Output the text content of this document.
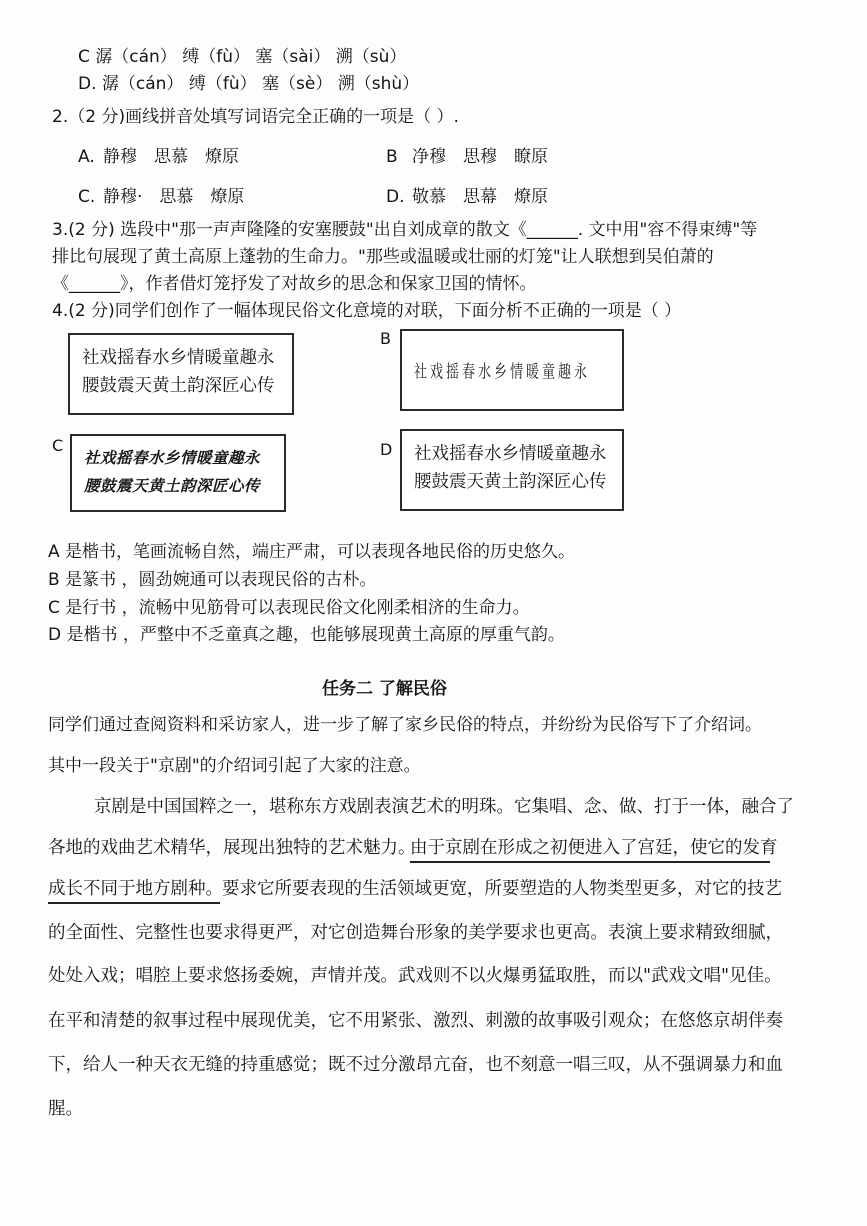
C 潺（cán） 缚（fù） 塞（sài） 溯（sù）
D. 潺（cán） 缚（fù） 塞（sè） 溯（shù）
2.（2 分)画线拼音处填写词语完全正确的一项是（ ）.
A. 静穆　思慕　燎原	B 净穆　思穆　瞭原
C. 静穆·　思慕　燎原	D. 敬慕　思幕　燎原
3.(2 分) 选段中"那一声声隆隆的安塞腰鼓"出自刘成章的散文《______. 文中用"容不得束缚"等
排比句展现了黄土高原上蓬勃的生命力。"那些或温暖或壮丽的灯笼"让人联想到吴伯萧的
《______》，作者借灯笼抒发了对故乡的思念和保家卫国的情怀。
4.(2 分)同学们创作了一幅体现民俗文化意境的对联，下面分析不正确的一项是（ ）
社戏摇春水乡情暖童趣永
腰鼓震天黄土韵深匠心传
B
社戏摇春水乡情暖童趣永
C
社戏摇春水乡情暖童趣永
腰鼓震天黄土韵深匠心传
D 社戏摇春水乡情暖童趣永
腰鼓震天黄土韵深匠心传
A 是楷书，笔画流畅自然，端庄严肃，可以表现各地民俗的历史悠久。
B 是篆书 ，圆劲婉通可以表现民俗的古朴。
C 是行书 ，流畅中见筋骨可以表现民俗文化刚柔相济的生命力。
D 是楷书 ，严整中不乏童真之趣，也能够展现黄土高原的厚重气韵。
任务二 了解民俗
同学们通过查阅资料和采访家人，进一步了解了家乡民俗的特点，并纷纷为民俗写下了介绍词。
其中一段关于"京剧"的介绍词引起了大家的注意。
京剧是中国国粹之一，堪称东方戏剧表演艺术的明珠。它集唱、念、做、打于一体，融合了
各地的戏曲艺术精华，展现出独特的艺术魅力。
由于京剧在形成之初便进入了宫廷，使它的发育
成长不同于地方剧种。 要求它所要表现的生活领域更宽，所要塑造的人物类型更多，对它的技艺
的全面性、完整性也要求得更严，对它创造舞台形象的美学要求也更高。表演上要求精致细腻，
处处入戏；唱腔上要求悠扬委婉，声情并茂。武戏则不以火爆勇猛取胜，而以"武戏文唱"见佳。
在平和清楚的叙事过程中展现优美，它不用紧张、激烈、刺激的故事吸引观众；在悠悠京胡伴奏
下，给人一种天衣无缝的持重感觉；既不过分激昂亢奋，也不刻意一唱三叹，从不强调暴力和血
腥。
